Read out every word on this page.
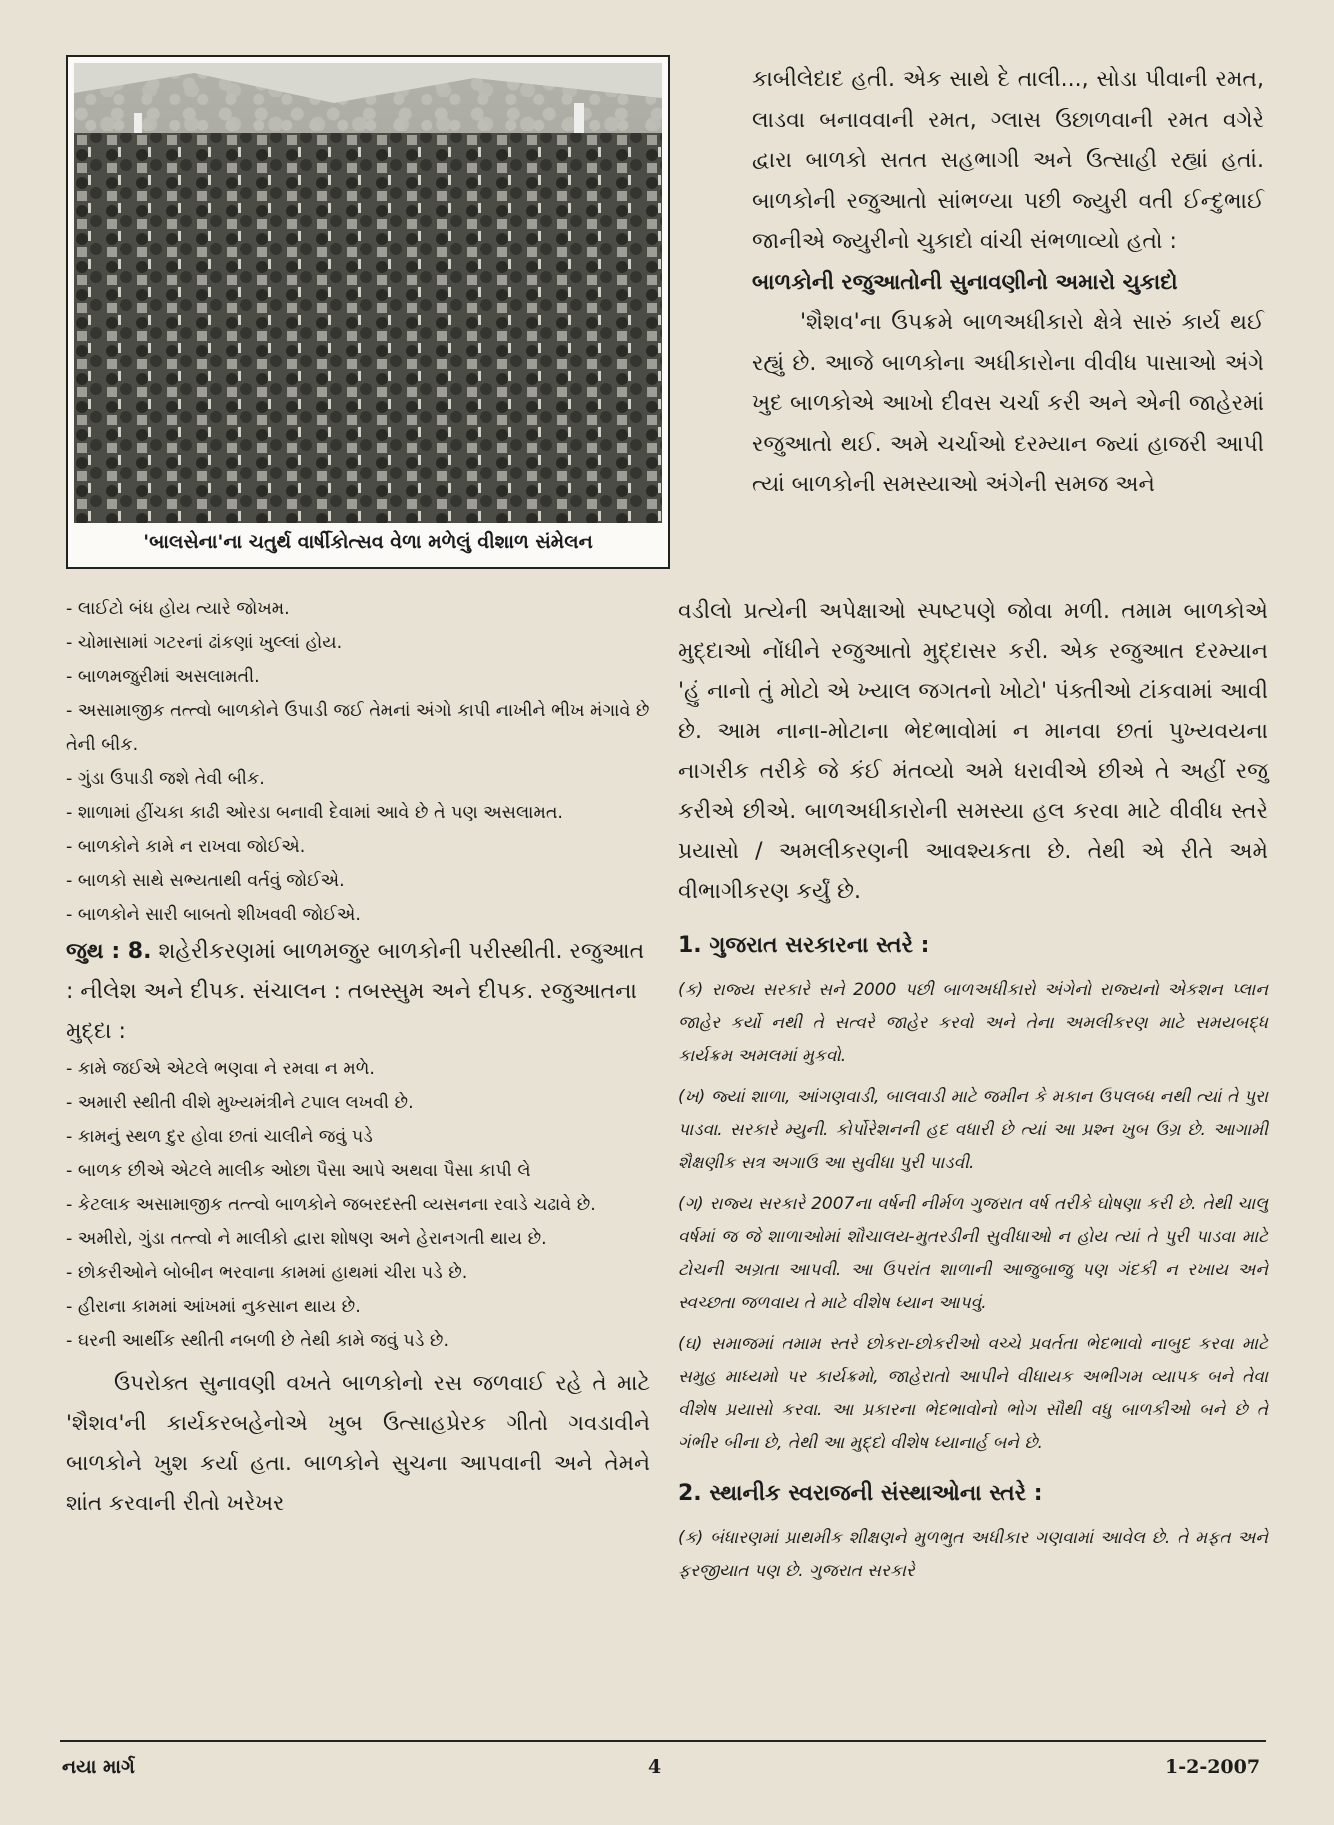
'બાલસેના'ના ચતુર્થ વાર્ષીકોત્સવ વેળા મળેલું વીશાળ સંમેલન

કાબીલેદાદ હતી. એક સાથે દે તાલી..., સોડા પીવાની રમત, લાડવા બનાવવાની રમત, ગ્લાસ ઉછાળવાની રમત વગેરે દ્વારા બાળકો સતત સહભાગી અને ઉત્સાહી રહ્યાં હતાં. બાળકોની રજુઆતો સાંભળ્યા પછી જ્યુરી વતી ઈન્દુભાઈ જાનીએ જ્યુરીનો ચુકાદો વાંચી સંભળાવ્યો હતો :

બાળકોની રજુઆતોની સુનાવણીનો અમારો ચુકાદો

'શૈશવ'ના ઉપક્રમે બાળઅધીકારો ક્ષેત્રે સારું કાર્ય થઈ રહ્યું છે. આજે બાળકોના અધીકારોના વીવીધ પાસાઓ અંગે ખુદ બાળકોએ આખો દીવસ ચર્ચા કરી અને એની જાહેરમાં રજુઆતો થઈ. અમે ચર્ચાઓ દરમ્યાન જ્યાં હાજરી આપી ત્યાં બાળકોની સમસ્યાઓ અંગેની સમજ અને

- લાઈટો બંધ હોય ત્યારે જોખમ.

- ચોમાસામાં ગટરનાં ઢાંકણાં ખુલ્લાં હોય.

- બાળમજુરીમાં અસલામતી.

- અસામાજીક તત્ત્વો બાળકોને ઉપાડી જઈ તેમનાં અંગો કાપી નાખીને ભીખ મંગાવે છે તેની બીક.

- ગુંડા ઉપાડી જશે તેવી બીક.

- શાળામાં હીંચકા કાઢી ઓરડા બનાવી દેવામાં આવે છે તે પણ અસલામત.

- બાળકોને કામે ન રાખવા જોઈએ.

- બાળકો સાથે સભ્યતાથી વર્તવું જોઈએ.

- બાળકોને સારી બાબતો શીખવવી જોઈએ.

જુથ : 8. શહેરીકરણમાં બાળમજુર બાળકોની પરીસ્થીતી. રજુઆત : નીલેશ અને દીપક. સંચાલન : તબસ્સુમ અને દીપક. રજુઆતના મુદ્દા :

- કામે જઈએ એટલે ભણવા ને રમવા ન મળે.

- અમારી સ્થીતી વીશે મુખ્યમંત્રીને ટપાલ લખવી છે.

- કામનું સ્થળ દુર હોવા છતાં ચાલીને જવું પડે

- બાળક છીએ એટલે માલીક ઓછા પૈસા આપે અથવા પૈસા કાપી લે

- કેટલાક અસામાજીક તત્ત્વો બાળકોને જબરદસ્તી વ્યસનના રવાડે ચઢાવે છે.

- અમીરો, ગુંડા તત્ત્વો ને માલીકો દ્વારા શોષણ અને હેરાનગતી થાય છે.

- છોકરીઓને બોબીન ભરવાના કામમાં હાથમાં ચીરા પડે છે.

- હીરાના કામમાં આંખમાં નુકસાન થાય છે.

- ઘરની આર્થીક સ્થીતી નબળી છે તેથી કામે જવું પડે છે.

ઉપરોક્ત સુનાવણી વખતે બાળકોનો રસ જળવાઈ રહે તે માટે 'શૈશવ'ની કાર્યકરબહેનોએ ખુબ ઉત્સાહપ્રેરક ગીતો ગવડાવીને બાળકોને ખુશ કર્યા હતા. બાળકોને સુચના આપવાની અને તેમને શાંત કરવાની રીતો ખરેખર

વડીલો પ્રત્યેની અપેક્ષાઓ સ્પષ્ટપણે જોવા મળી. તમામ બાળકોએ મુદ્દાઓ નોંધીને રજુઆતો મુદ્દાસર કરી. એક રજુઆત દરમ્યાન 'હું નાનો તું મોટો એ ખ્યાલ જગતનો ખોટો' પંક્તીઓ ટાંકવામાં આવી છે. આમ નાના-મોટાના ભેદભાવોમાં ન માનવા છતાં પુખ્યવયના નાગરીક તરીકે જે કંઈ મંતવ્યો અમે ધરાવીએ છીએ તે અહીં રજુ કરીએ છીએ. બાળઅધીકારોની સમસ્યા હલ કરવા માટે વીવીધ સ્તરે પ્રયાસો / અમલીકરણની આવશ્યકતા છે. તેથી એ રીતે અમે વીભાગીકરણ કર્યું છે.

1. ગુજરાત સરકારના સ્તરે :

(ક) રાજ્ય સરકારે સને 2000 પછી બાળઅધીકારો અંગેનો રાજ્યનો એકશન પ્લાન જાહેર કર્યો નથી તે સત્વરે જાહેર કરવો અને તેના અમલીકરણ માટે સમયબદ્ધ કાર્યક્રમ અમલમાં મુકવો.

(ખ) જ્યાં શાળા, આંગણવાડી, બાલવાડી માટે જમીન કે મકાન ઉપલબ્ધ નથી ત્યાં તે પુરા પાડવા. સરકારે મ્યુની. કોર્પોરેશનની હદ વધારી છે ત્યાં આ પ્રશ્ન ખુબ ઉગ્ર છે. આગામી શૈક્ષણીક સત્ર અગાઉ આ સુવીધા પુરી પાડવી.

(ગ) રાજ્ય સરકારે 2007ના વર્ષની નીર્મળ ગુજરાત વર્ષ તરીકે ઘોષણા કરી છે. તેથી ચાલુ વર્ષમાં જ જે શાળાઓમાં શૌચાલય-મુતરડીની સુવીધાઓ ન હોય ત્યાં તે પુરી પાડવા માટે ટોચની અગ્રતા આપવી. આ ઉપરાંત શાળાની આજુબાજુ પણ ગંદકી ન રખાય અને સ્વચ્છતા જળવાય તે માટે વીશેષ ધ્યાન આપવું.

(ઘ) સમાજમાં તમામ સ્તરે છોકરા-છોકરીઓ વચ્ચે પ્રવર્તતા ભેદભાવો નાબુદ કરવા માટે સમુહ માધ્યમો પર કાર્યક્રમો, જાહેરાતો આપીને વીધાયક અભીગમ વ્યાપક બને તેવા વીશેષ પ્રયાસો કરવા. આ પ્રકારના ભેદભાવોનો ભોગ સૌથી વધુ બાળકીઓ બને છે તે ગંભીર બીના છે, તેથી આ મુદ્દો વીશેષ ધ્યાનાર્હ બને છે.

2. સ્થાનીક સ્વરાજની સંસ્થાઓના સ્તરે :

(ક) બંધારણમાં પ્રાથમીક શીક્ષણને મુળભુત અધીકાર ગણવામાં આવેલ છે. તે મફત અને ફરજીયાત પણ છે. ગુજરાત સરકારે

નયા માર્ગ	4	1-2-2007
